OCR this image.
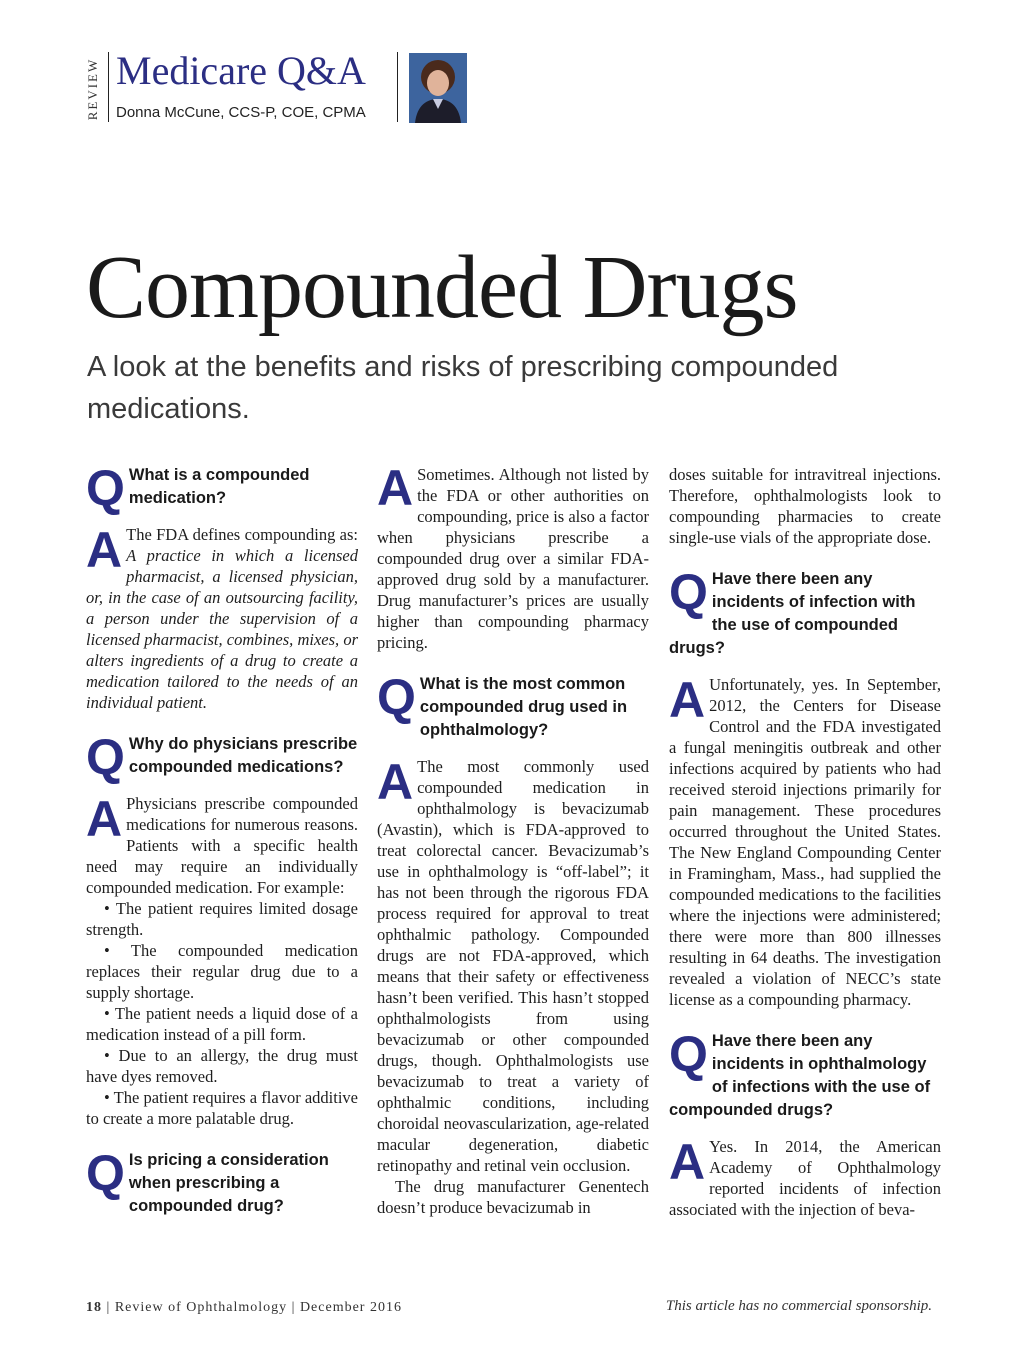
REVIEW Medicare Q&A
Donna McCune, CCS-P, COE, CPMA
Compounded Drugs
A look at the benefits and risks of prescribing compounded medications.
Q What is a compounded medication?
A The FDA defines compounding as: A practice in which a licensed pharmacist, a licensed physician, or, in the case of an outsourcing facility, a person under the supervision of a licensed pharmacist, combines, mixes, or alters ingredients of a drug to create a medication tailored to the needs of an individual patient.
Q Why do physicians prescribe compounded medications?
A Physicians prescribe compounded medications for numerous reasons. Patients with a specific health need may require an individually compounded medication. For example:

• The patient requires limited dosage strength.

• The compounded medication replaces their regular drug due to a supply shortage.

• The patient needs a liquid dose of a medication instead of a pill form.

• Due to an allergy, the drug must have dyes removed.

• The patient requires a flavor additive to create a more palatable drug.

Q Is pricing a consideration when prescribing a compounded drug?
A Sometimes. Although not listed by the FDA or other authorities on compounding, price is also a factor when physicians prescribe a compounded drug over a similar FDA-approved drug sold by a manufacturer. Drug manufacturer’s prices are usually higher than compounding pharmacy pricing.
Q What is the most common compounded drug used in ophthalmology?
A The most commonly used compounded medication in ophthalmology is bevacizumab (Avastin), which is FDA-approved to treat colorectal cancer. Bevacizumab’s use in ophthalmology is “off-label”; it has not been through the rigorous FDA process required for approval to treat ophthalmic pathology. Compounded drugs are not FDA-approved, which means that their safety or effectiveness hasn’t been verified. This hasn’t stopped ophthalmologists from using bevacizumab or other compounded drugs, though. Ophthalmologists use bevacizumab to treat a variety of ophthalmic conditions, including choroidal neovascularization, age-related macular degeneration, diabetic retinopathy and retinal vein occlusion.
The drug manufacturer Genentech doesn’t produce bevacizumab in
doses suitable for intravitreal injections. Therefore, ophthalmologists look to compounding pharmacies to create single-use vials of the appropriate dose.
Q Have there been any incidents of infection with the use of compounded drugs?
A Unfortunately, yes. In September, 2012, the Centers for Disease Control and the FDA investigated a fungal meningitis outbreak and other infections acquired by patients who had received steroid injections primarily for pain management. These procedures occurred throughout the United States. The New England Compounding Center in Framingham, Mass., had supplied the compounded medications to the facilities where the injections were administered; there were more than 800 illnesses resulting in 64 deaths. The investigation revealed a violation of NECC’s state license as a compounding pharmacy.
Q Have there been any incidents in ophthalmology of infections with the use of compounded drugs?
A Yes. In 2014, the American Academy of Ophthalmology reported incidents of infection associated with the injection of beva-
18 | Review of Ophthalmology | December 2016	This article has no commercial sponsorship.
